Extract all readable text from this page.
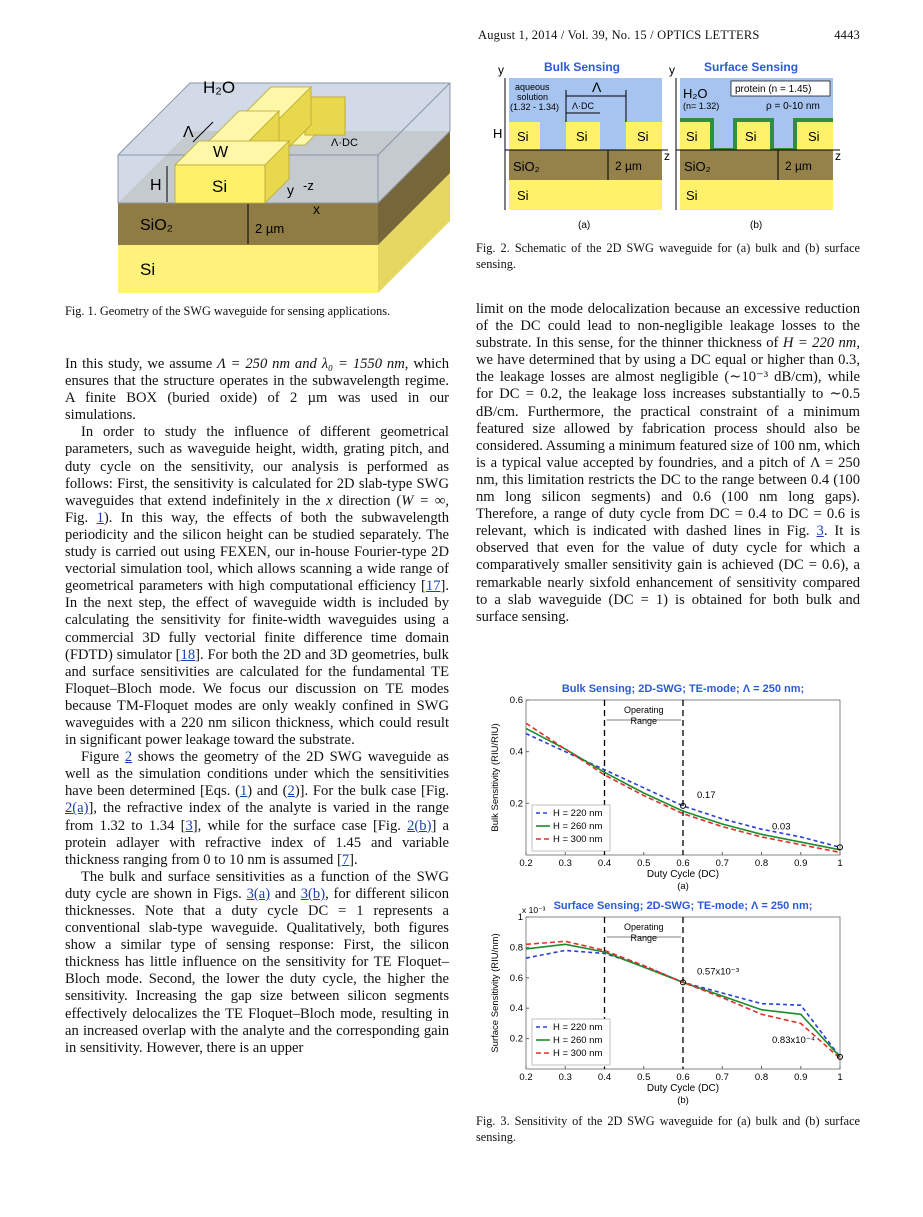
August 1, 2014 / Vol. 39, No. 15 / OPTICS LETTERS	4443
H₂O
Λ
W
Λ·DC
H	Si
SiO₂	2 µm
Si
y -z
x
Fig. 1. Geometry of the SWG waveguide for sensing applications.
Bulk Sensing
aqueous
solution
(1.32 - 1.34)
Λ
Λ·DC
Si	Si	Si
SiO₂	2 µm
Si
y
z
H
(a)
Surface Sensing
H₂O
(n= 1.32)
protein (n = 1.45)
ρ = 0-10 nm
Si	Si	Si
SiO₂	2 µm
Si
y
z
(b)
Fig. 2. Schematic of the 2D SWG waveguide for (a) bulk and (b) surface sensing.

In this study, we assume Λ = 250 nm and λ₀ = 1550 nm, which ensures that the structure operates in the subwavelength regime. A finite BOX (buried oxide) of 2 µm was used in our simulations.

In order to study the influence of different geometrical parameters, such as waveguide height, width, grating pitch, and duty cycle on the sensitivity, our analysis is performed as follows: First, the sensitivity is calculated for 2D slab-type SWG waveguides that extend indefinitely in the x direction (W = ∞, Fig. 1). In this way, the effects of both the subwavelength periodicity and the silicon height can be studied separately. The study is carried out using FEXEN, our in-house Fourier-type 2D vectorial simulation tool, which allows scanning a wide range of geometrical parameters with high computational efficiency [17]. In the next step, the effect of waveguide width is included by calculating the sensitivity for finite-width waveguides using a commercial 3D fully vectorial finite difference time domain (FDTD) simulator [18]. For both the 2D and 3D geometries, bulk and surface sensitivities are calculated for the fundamental TE Floquet–Bloch mode. We focus our discussion on TE modes because TM-Floquet modes are only weakly confined in SWG waveguides with a 220 nm silicon thickness, which could result in significant power leakage toward the substrate.

Figure 2 shows the geometry of the 2D SWG waveguide as well as the simulation conditions under which the sensitivities have been determined [Eqs. (1) and (2)]. For the bulk case [Fig. 2(a)], the refractive index of the analyte is varied in the range from 1.32 to 1.34 [3], while for the surface case [Fig. 2(b)] a protein adlayer with refractive index of 1.45 and variable thickness ranging from 0 to 10 nm is assumed [7].

The bulk and surface sensitivities as a function of the SWG duty cycle are shown in Figs. 3(a) and 3(b), for different silicon thicknesses. Note that a duty cycle DC = 1 represents a conventional slab-type waveguide. Qualitatively, both figures show a similar type of sensing response: First, the silicon thickness has little influence on the sensitivity for TE Floquet–Bloch mode. Second, the lower the duty cycle, the higher the sensitivity. Increasing the gap size between silicon segments effectively delocalizes the TE Floquet–Bloch mode, resulting in an increased overlap with the analyte and the corresponding gain in sensitivity. However, there is an upper

limit on the mode delocalization because an excessive reduction of the DC could lead to non-negligible leakage losses to the substrate. In this sense, for the thinner thickness of H = 220 nm, we have determined that by using a DC equal or higher than 0.3, the leakage losses are almost negligible (∼10⁻³ dB/cm), while for DC = 0.2, the leakage loss increases substantially to ∼0.5 dB/cm. Furthermore, the practical constraint of a minimum featured size allowed by fabrication process should also be considered. Assuming a minimum featured size of 100 nm, which is a typical value accepted by foundries, and a pitch of Λ = 250 nm, this limitation restricts the DC to the range between 0.4 (100 nm long silicon segments) and 0.6 (100 nm long gaps). Therefore, a range of duty cycle from DC = 0.4 to DC = 0.6 is relevant, which is indicated with dashed lines in Fig. 3. It is observed that even for the value of duty cycle for which a comparatively smaller sensitivity gain is achieved (DC = 0.6), a remarkable nearly sixfold enhancement of sensitivity compared to a slab waveguide (DC = 1) is obtained for both bulk and surface sensing.

Bulk Sensing; 2D-SWG; TE-mode; Λ = 250 nm;
0.2	0.3	0.4	0.5	0.6	0.7	0.8	0.9	1
0.2
0.4
0.6
Duty Cycle (DC)
Bulk Sensitivity (RIU/RIU)
(a)
Operating
Range
0.17
0.03
H = 220 nm
H = 260 nm
H = 300 nm
Surface Sensing; 2D-SWG; TE-mode; Λ = 250 nm;
0.2	0.3	0.4	0.5	0.6	0.7	0.8	0.9	1
0.2
0.4
0.6
0.8
1
x 10⁻³
Duty Cycle (DC)
Surface Sensitivity (RIU/nm)
(b)
Operating
Range
0.57x10⁻³
0.83x10⁻⁴
H = 220 nm
H = 260 nm
H = 300 nm
Fig. 3. Sensitivity of the 2D SWG waveguide for (a) bulk and (b) surface sensing.
